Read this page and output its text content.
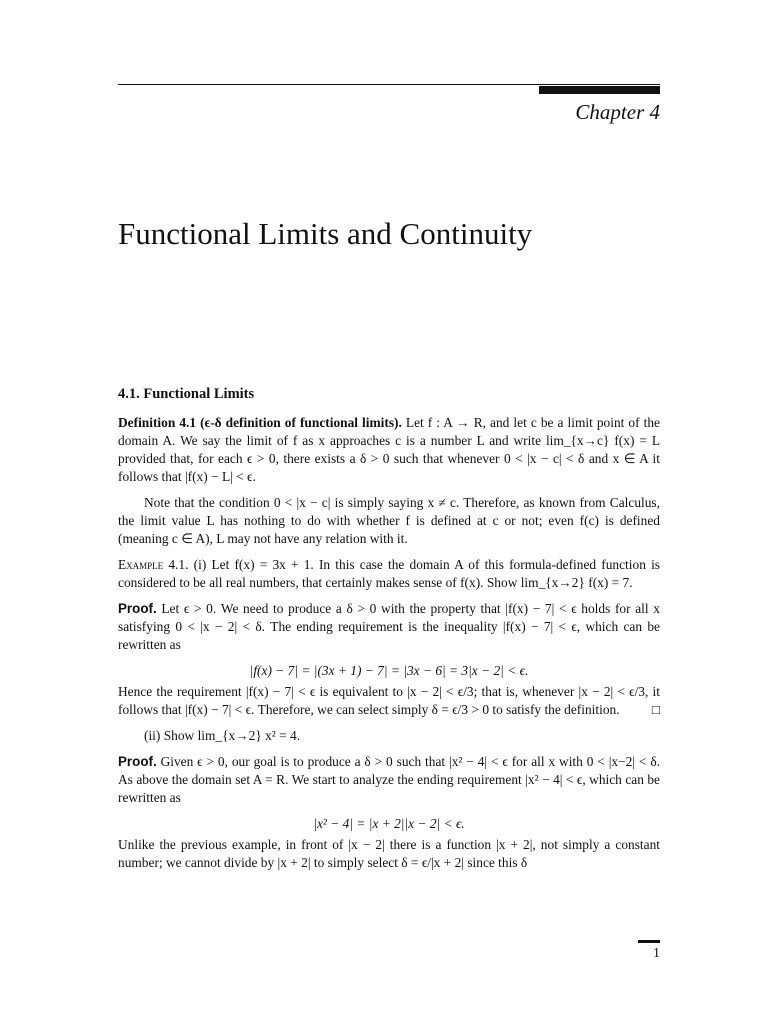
Chapter 4
Functional Limits and Continuity
4.1. Functional Limits

Definition 4.1 (ϵ-δ definition of functional limits). Let f : A → R, and let c be a limit point of the domain A. We say the limit of f as x approaches c is a number L and write lim_{x→c} f(x) = L provided that, for each ϵ > 0, there exists a δ > 0 such that whenever 0 < |x − c| < δ and x ∈ A it follows that |f(x) − L| < ϵ.

Note that the condition 0 < |x − c| is simply saying x ≠ c. Therefore, as known from Calculus, the limit value L has nothing to do with whether f is defined at c or not; even f(c) is defined (meaning c ∈ A), L may not have any relation with it.

Example 4.1. (i) Let f(x) = 3x + 1. In this case the domain A of this formula-defined function is considered to be all real numbers, that certainly makes sense of f(x). Show lim_{x→2} f(x) = 7.

Proof. Let ϵ > 0. We need to produce a δ > 0 with the property that |f(x) − 7| < ϵ holds for all x satisfying 0 < |x − 2| < δ. The ending requirement is the inequality |f(x) − 7| < ϵ, which can be rewritten as

|f(x) − 7| = |(3x + 1) − 7| = |3x − 6| = 3|x − 2| < ϵ.

Hence the requirement |f(x) − 7| < ϵ is equivalent to |x − 2| < ϵ/3; that is, whenever |x − 2| < ϵ/3, it follows that |f(x) − 7| < ϵ. Therefore, we can select simply δ = ϵ/3 > 0 to satisfy the definition. □

(ii) Show lim_{x→2} x² = 4.

Proof. Given ϵ > 0, our goal is to produce a δ > 0 such that |x² − 4| < ϵ for all x with 0 < |x−2| < δ. As above the domain set A = R. We start to analyze the ending requirement |x² − 4| < ϵ, which can be rewritten as

|x² − 4| = |x + 2||x − 2| < ϵ.

Unlike the previous example, in front of |x − 2| there is a function |x + 2|, not simply a constant number; we cannot divide by |x + 2| to simply select δ = ϵ/|x + 2| since this δ

1
